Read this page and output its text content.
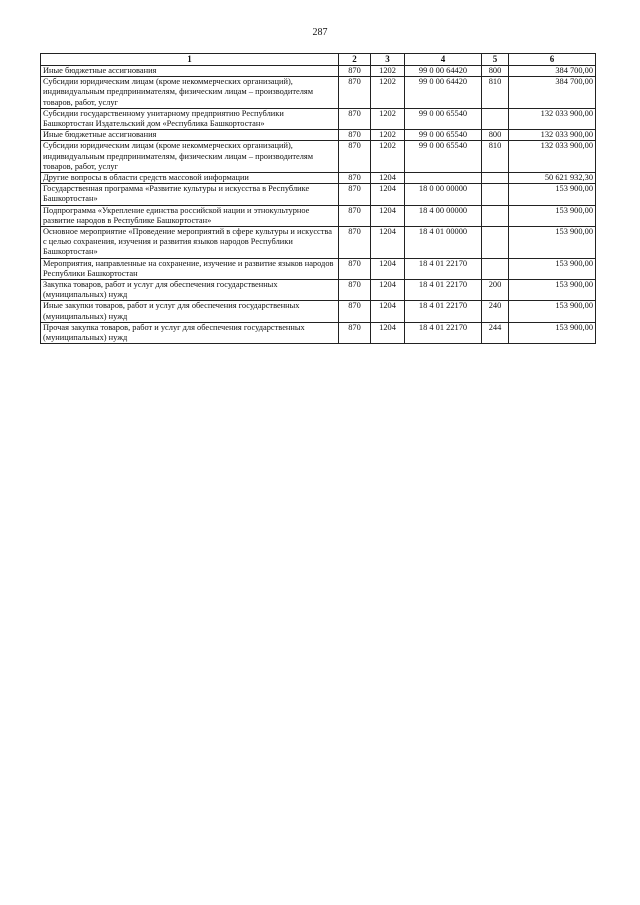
287
1	2	3	4	5	6
Иные бюджетные ассигнования	870	1202	99 0 00 64420	800	384 700,00
Субсидии юридическим лицам (кроме некоммерческих организаций), индивидуальным предпринимателям, физическим лицам – производителям товаров, работ, услуг	870	1202	99 0 00 64420	810	384 700,00
Субсидии государственному унитарному предприятию Республики Башкортостан Издательский дом «Республика Башкортостан»	870	1202	99 0 00 65540		132 033 900,00
Иные бюджетные ассигнования	870	1202	99 0 00 65540	800	132 033 900,00
Субсидии юридическим лицам (кроме некоммерческих организаций), индивидуальным предпринимателям, физическим лицам – производителям товаров, работ, услуг	870	1202	99 0 00 65540	810	132 033 900,00
Другие вопросы в области средств массовой информации	870	1204			50 621 932,30
Государственная программа «Развитие культуры и искусства в Республике Башкортостан»	870	1204	18 0 00 00000		153 900,00
Подпрограмма «Укрепление единства российской нации и этнокультурное развитие народов в Республике Башкортостан»	870	1204	18 4 00 00000		153 900,00
Основное мероприятие «Проведение мероприятий в сфере культуры и искусства с целью сохранения, изучения и развития языков народов Республики Башкортостан»	870	1204	18 4 01 00000		153 900,00
Мероприятия, направленные на сохранение, изучение и развитие языков народов Республики Башкортостан	870	1204	18 4 01 22170		153 900,00
Закупка товаров, работ и услуг для обеспечения государственных (муниципальных) нужд	870	1204	18 4 01 22170	200	153 900,00
Иные закупки товаров, работ и услуг для обеспечения государственных (муниципальных) нужд	870	1204	18 4 01 22170	240	153 900,00
Прочая закупка товаров, работ и услуг для обеспечения государственных (муниципальных) нужд	870	1204	18 4 01 22170	244	153 900,00
